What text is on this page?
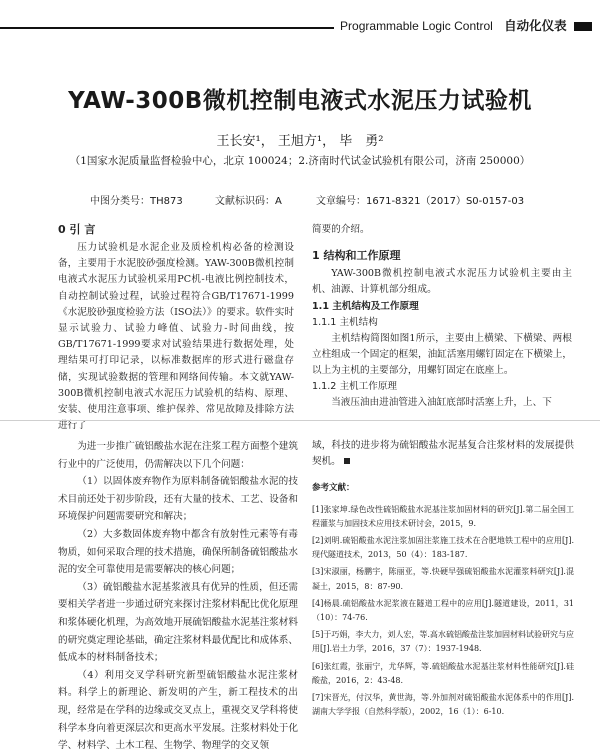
Programmable Logic Control 自动化仪表
YAW-300B微机控制电液式水泥压力试验机
王长安¹， 王旭方¹， 毕　勇²
（1国家水泥质量监督检验中心，北京 100024；2.济南时代试金试验机有限公司，济南 250000）
中图分类号：TH873	文献标识码：A	文章编号：1671-8321（2017）S0-0157-03
0 引 言

压力试验机是水泥企业及质检机构必备的检测设备，主要用于水泥胶砂强度检测。YAW-300B微机控制电液式水泥压力试验机采用PC机-电液比例控制技术，自动控制试验过程，试验过程符合GB/T17671-1999《水泥胶砂强度检验方法（ISO法）》的要求。软件实时显示试验力、试验力峰值、试验力-时间曲线，按GB/T17671-1999要求对试验结果进行数据处理，处理结果可打印记录，以标准数据库的形式进行磁盘存储，实现试验数据的管理和网络间传输。本文就YAW-300B微机控制电液式水泥压力试验机的结构、原理、安装、使用注意事项、维护保养、常见故障及排除方法进行了

简要的介绍。

1 结构和工作原理

YAW-300B微机控制电液式水泥压力试验机主要由主机、油源、计算机部分组成。

1.1 主机结构及工作原理
1.1.1 主机结构

主机结构简图如图1所示，主要由上横梁、下横梁、两根立柱组成一个固定的框架，油缸活塞用螺钉固定在下横梁上，以上为主机的主要部分，用螺钉固定在底座上。

1.1.2 主机工作原理

当液压油由进油管进入油缸底部时活塞上升，上、下

为进一步推广硫铝酸盐水泥在注浆工程方面整个建筑行业中的广泛使用，仍需解决以下几个问题：

（1）以固体废弃物作为原料制备硫铝酸盐水泥的技术目前还处于初步阶段，还有大量的技术、工艺、设备和环境保护问题需要研究和解决；

（2）大多数固体废弃物中都含有放射性元素等有毒物质，如何采取合理的技术措施，确保所制备硫铝酸盐水泥的安全可靠使用是需要解决的核心问题；

（3）硫铝酸盐水泥基浆液具有优异的性质，但还需要相关学者进一步通过研究来探讨注浆材料配比优化原理和浆体硬化机理，为高效地开展硫铝酸盐水泥基注浆材料的研究奠定理论基础，确定注浆材料最优配比和成体系、低成本的材料制备技术；

（4）利用交叉学科研究新型硫铝酸盐水泥注浆材料。科学上的新理论、新发明的产生，新工程技术的出现，经常是在学科的边缘或交叉点上，重视交叉学科将使科学本身向着更深层次和更高水平发展。注浆材料处于化学、材料学、土木工程、生物学、物理学的交叉领

域，科技的进步将为硫铝酸盐水泥基复合注浆材料的发展提供契机。

参考文献：
[1]张家坤.绿色改性硫铝酸盐水泥基注浆加固材料的研究[J].第二届全国工程灌浆与加固技术应用技术研讨会，2015，9.
[2]刘明.硫铝酸盐水泥注浆加固注浆施工技术在合肥地铁工程中的应用[J].现代隧道技术，2013，50（4）：183-187.
[3]宋淑丽，杨鹏宇，陈丽亚，等.快硬早强硫铝酸盐水泥灌浆料研究[J].混凝土，2015，8：87-90.
[4]杨晨.硫铝酸盐水泥浆液在隧道工程中的应用[J].隧道建设，2011，31（10）：74-76.
[5]于巧娟，李大力，刘人宏，等.高水硫铝酸盐注浆加固材料试验研究与应用[J].岩土力学，2016，37（7）：1937-1948.
[6]张红霞，张丽宁，尤华辉，等.硫铝酸盐水泥基注浆材料性能研究[J].硅酸盐，2016，2：43-48.
[7]宋晋光，付汉华，黄世海，等.外加剂对硫铝酸盐水泥体系中的作用[J].湖南大学学报（自然科学版），2002，16（1）：6-10.
